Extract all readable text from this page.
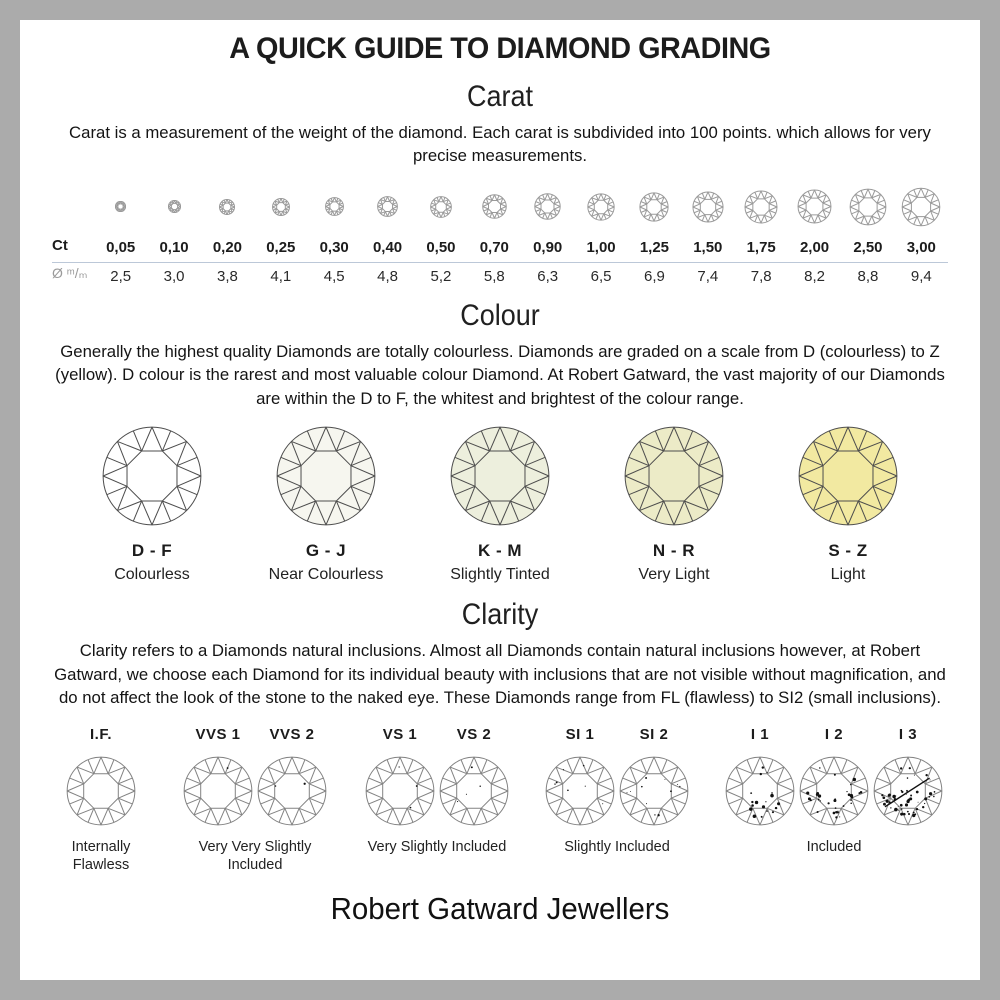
A QUICK GUIDE TO DIAMOND GRADING
Carat

Carat is a measurement of the weight of the diamond. Each carat is subdivided into 100 points. which allows for very precise measurements.

Ct	0,05	0,10	0,20	0,25	0,30	0,40	0,50	0,70	0,90	1,00	1,25	1,50	1,75	2,00	2,50	3,00
Ø ᵐ/ₘ	2,5	3,0	3,8	4,1	4,5	4,8	5,2	5,8	6,3	6,5	6,9	7,4	7,8	8,2	8,8	9,4
Colour

Generally the highest quality Diamonds are totally colourless. Diamonds are graded on a scale from D (colourless) to Z (yellow). D colour is the rarest and most valuable colour Diamond. At Robert Gatward, the vast majority of our Diamonds are within the D to F, the whitest and brightest of the colour range.

D - F
Colourless
G - J
Near Colourless
K - M
Slightly Tinted
N - R
Very Light
S - Z
Light
Clarity

Clarity refers to a Diamonds natural inclusions. Almost all Diamonds contain natural inclusions however, at Robert Gatward, we choose each Diamond for its individual beauty with inclusions that are not visible without magnification, and do not affect the look of the stone to the naked eye. These Diamonds range from FL (flawless) to SI2 (small inclusions).

I.F.
Internally Flawless
VVS 1 VVS 2
Very Very Slightly Included
VS 1	VS 2
Very Slightly Included
SI 1	SI 2
Slightly Included
I 1	I 2	I 3
Included
Robert Gatward Jewellers
